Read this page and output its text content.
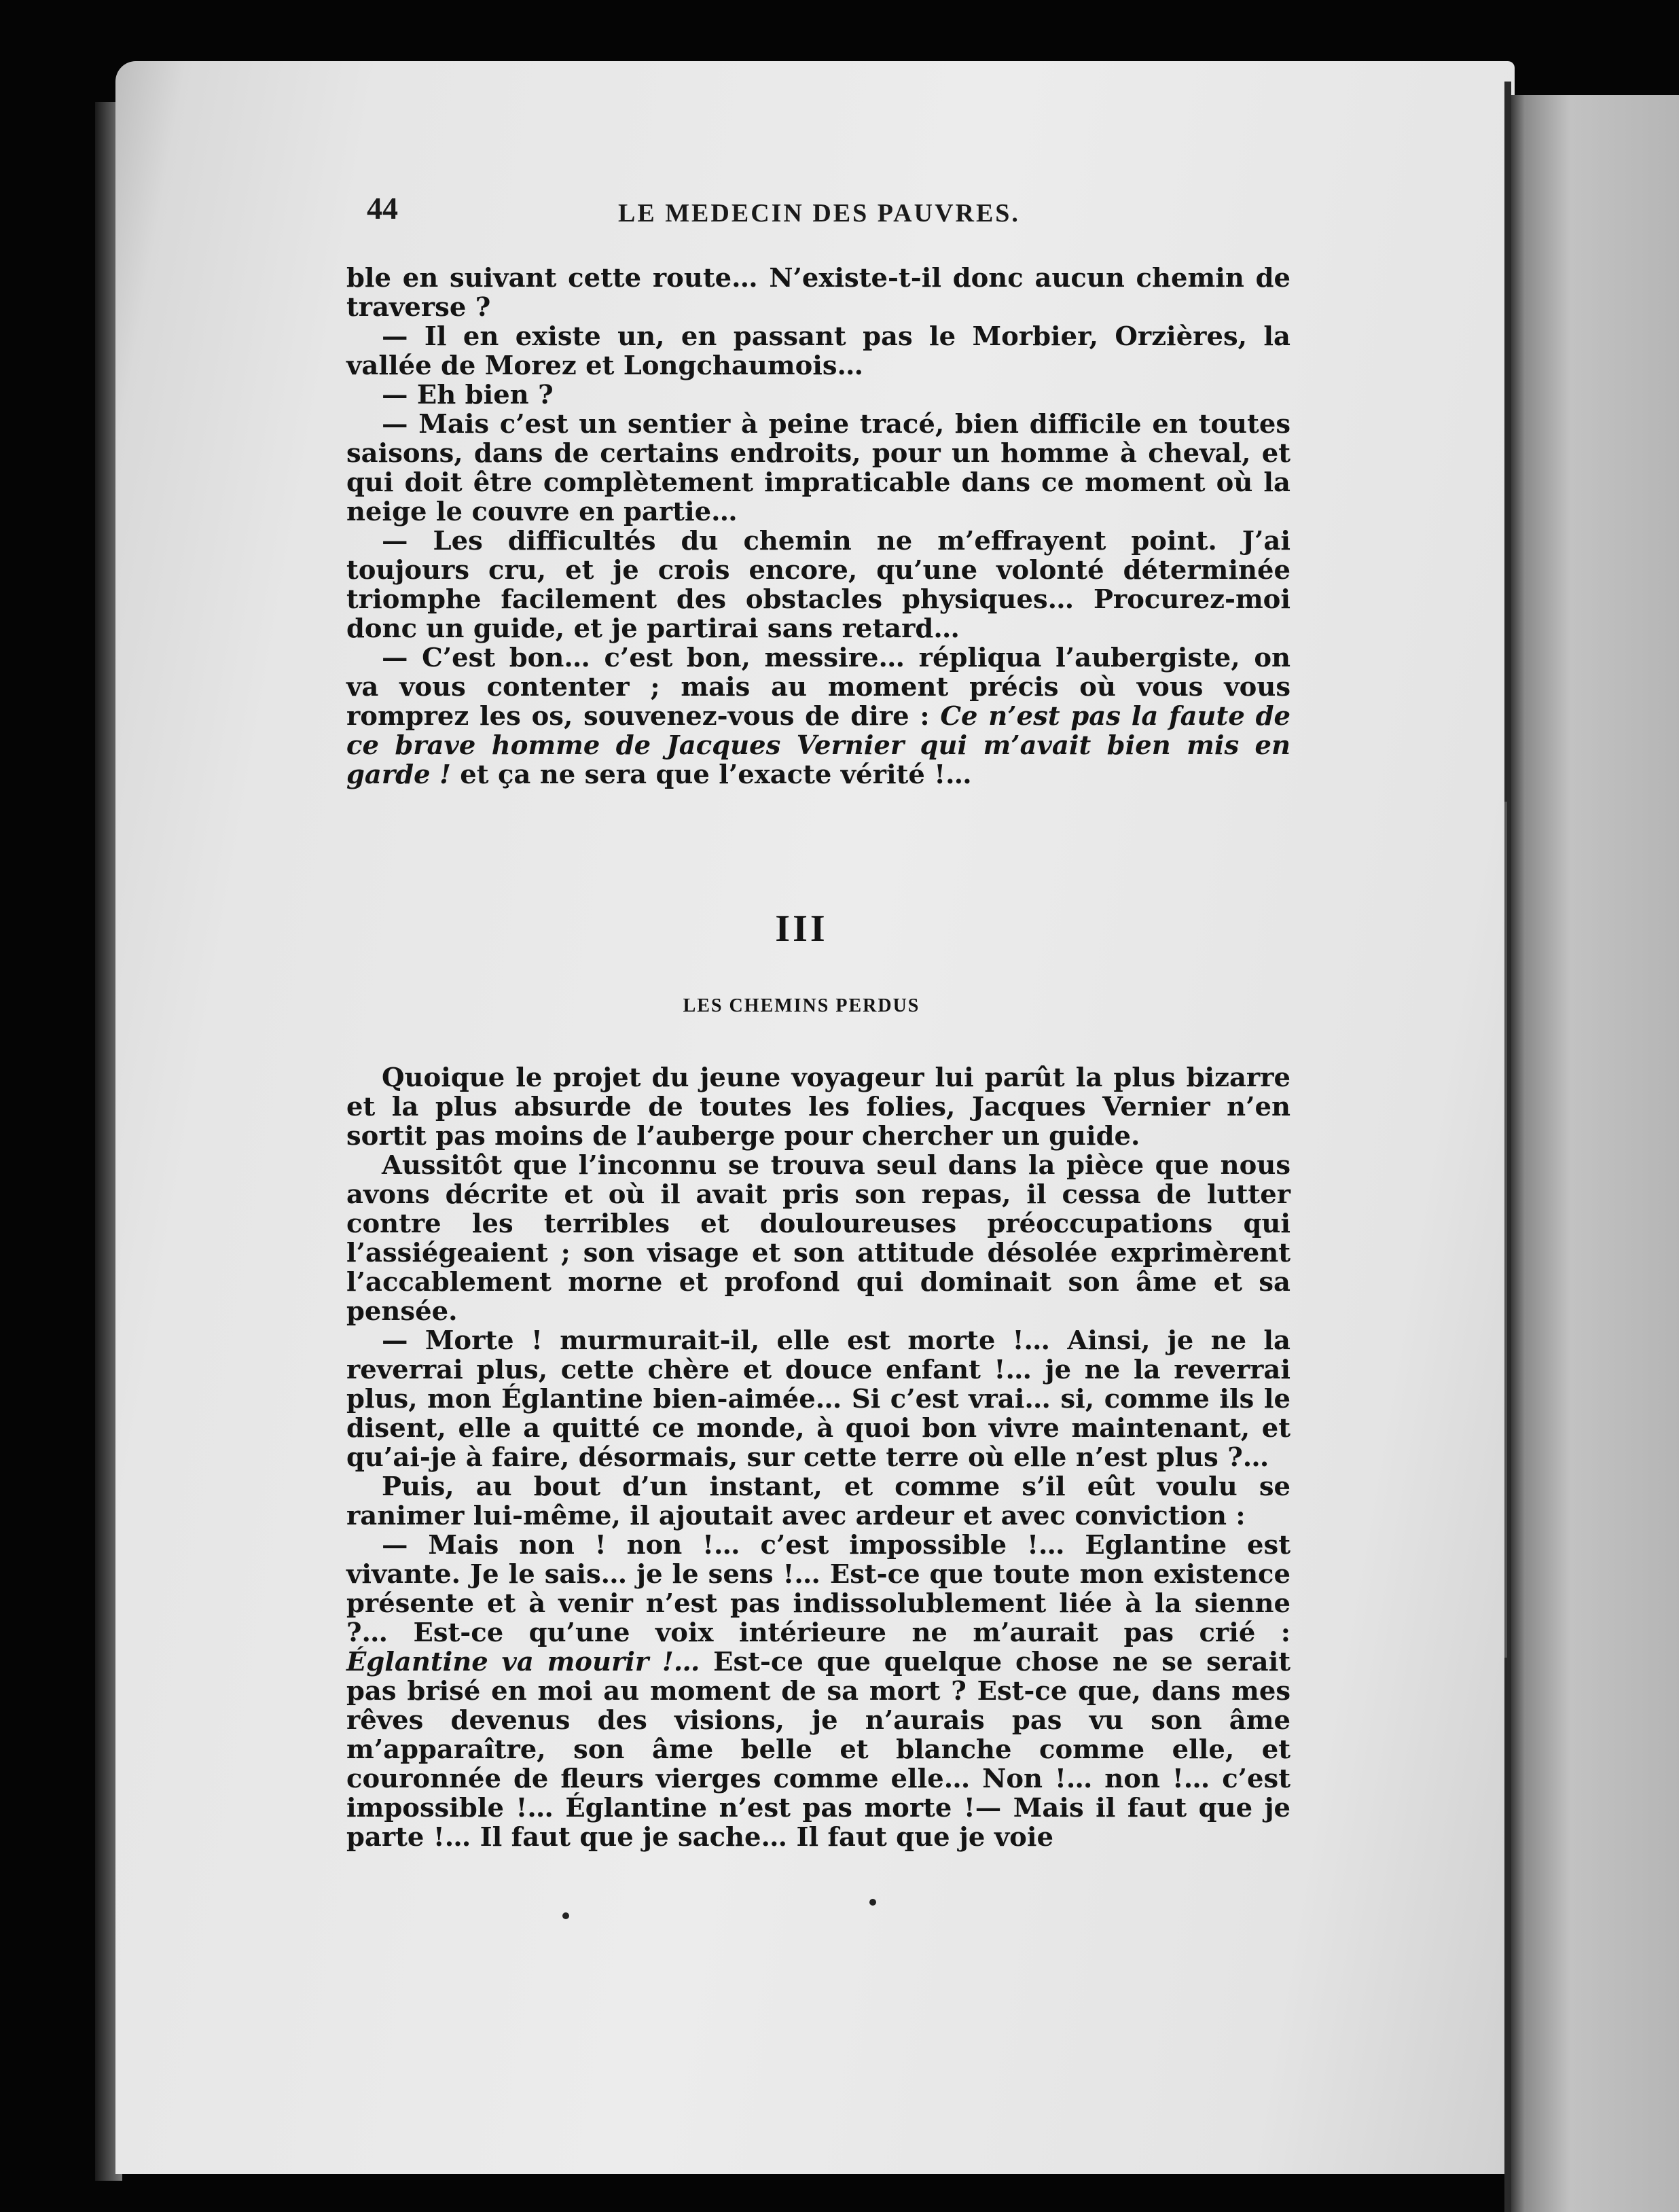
44	LE MEDECIN DES PAUVRES.

ble en suivant cette route… N’existe-t-il donc aucun chemin de traverse ?

— Il en existe un, en passant pas le Morbier, Orzières, la vallée de Morez et Longchaumois…

— Eh bien ?

— Mais c’est un sentier à peine tracé, bien difficile en toutes saisons, dans de certains endroits, pour un homme à cheval, et qui doit être complètement impraticable dans ce moment où la neige le couvre en partie…

— Les difficultés du chemin ne m’effrayent point. J’ai toujours cru, et je crois encore, qu’une volonté déterminée triomphe facilement des obstacles physiques… Procurez-moi donc un guide, et je partirai sans retard…

— C’est bon… c’est bon, messire… répliqua l’aubergiste, on va vous contenter ; mais au moment précis où vous vous romprez les os, souvenez-vous de dire : Ce n’est pas la faute de ce brave homme de Jacques Vernier qui m’avait bien mis en garde ! et ça ne sera que l’exacte vérité !…

III
LES CHEMINS PERDUS

Quoique le projet du jeune voyageur lui parût la plus bizarre et la plus absurde de toutes les folies, Jacques Vernier n’en sortit pas moins de l’auberge pour chercher un guide.

Aussitôt que l’inconnu se trouva seul dans la pièce que nous avons décrite et où il avait pris son repas, il cessa de lutter contre les terribles et douloureuses préoccupations qui l’assiégeaient ; son visage et son attitude désolée exprimèrent l’accablement morne et profond qui dominait son âme et sa pensée.

— Morte ! murmurait-il, elle est morte !… Ainsi, je ne la reverrai plus, cette chère et douce enfant !… je ne la reverrai plus, mon Églantine bien-aimée… Si c’est vrai… si, comme ils le disent, elle a quitté ce monde, à quoi bon vivre maintenant, et qu’ai-je à faire, désormais, sur cette terre où elle n’est plus ?…

Puis, au bout d’un instant, et comme s’il eût voulu se ranimer lui-même, il ajoutait avec ardeur et avec conviction :

— Mais non ! non !… c’est impossible !… Eglantine est vivante. Je le sais… je le sens !… Est-ce que toute mon existence présente et à venir n’est pas indissolublement liée à la sienne ?… Est-ce qu’une voix intérieure ne m’aurait pas crié : Églantine va mourir !… Est-ce que quelque chose ne se serait pas brisé en moi au moment de sa mort ? Est-ce que, dans mes rêves devenus des visions, je n’aurais pas vu son âme m’apparaître, son âme belle et blanche comme elle, et couronnée de fleurs vierges comme elle… Non !… non !… c’est impossible !… Églantine n’est pas morte !— Mais il faut que je parte !… Il faut que je sache… Il faut que je voie
